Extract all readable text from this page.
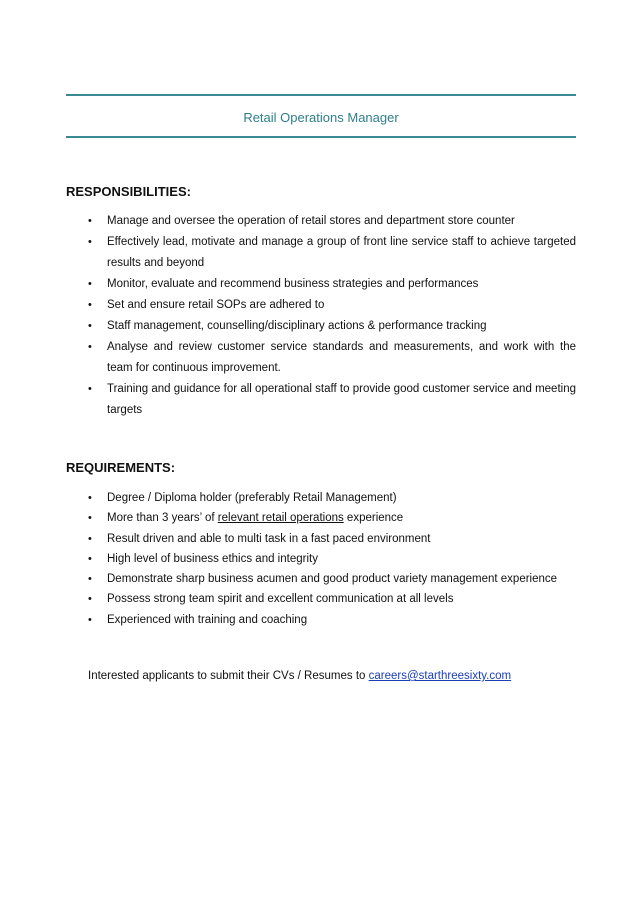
Retail Operations Manager
RESPONSIBILITIES:
• Manage and oversee the operation of retail stores and department store counter
• Effectively lead, motivate and manage a group of front line service staff to achieve targeted results and beyond
• Monitor, evaluate and recommend business strategies and performances
• Set and ensure retail SOPs are adhered to
• Staff management, counselling/disciplinary actions & performance tracking
• Analyse and review customer service standards and measurements, and work with the team for continuous improvement.
• Training and guidance for all operational staff to provide good customer service and meeting targets
REQUIREMENTS:
• Degree / Diploma holder (preferably Retail Management)
• More than 3 years’ of relevant retail operations experience
• Result driven and able to multi task in a fast paced environment
• High level of business ethics and integrity
• Demonstrate sharp business acumen and good product variety management experience
• Possess strong team spirit and excellent communication at all levels
• Experienced with training and coaching
Interested applicants to submit their CVs / Resumes to careers@starthreesixty.com
